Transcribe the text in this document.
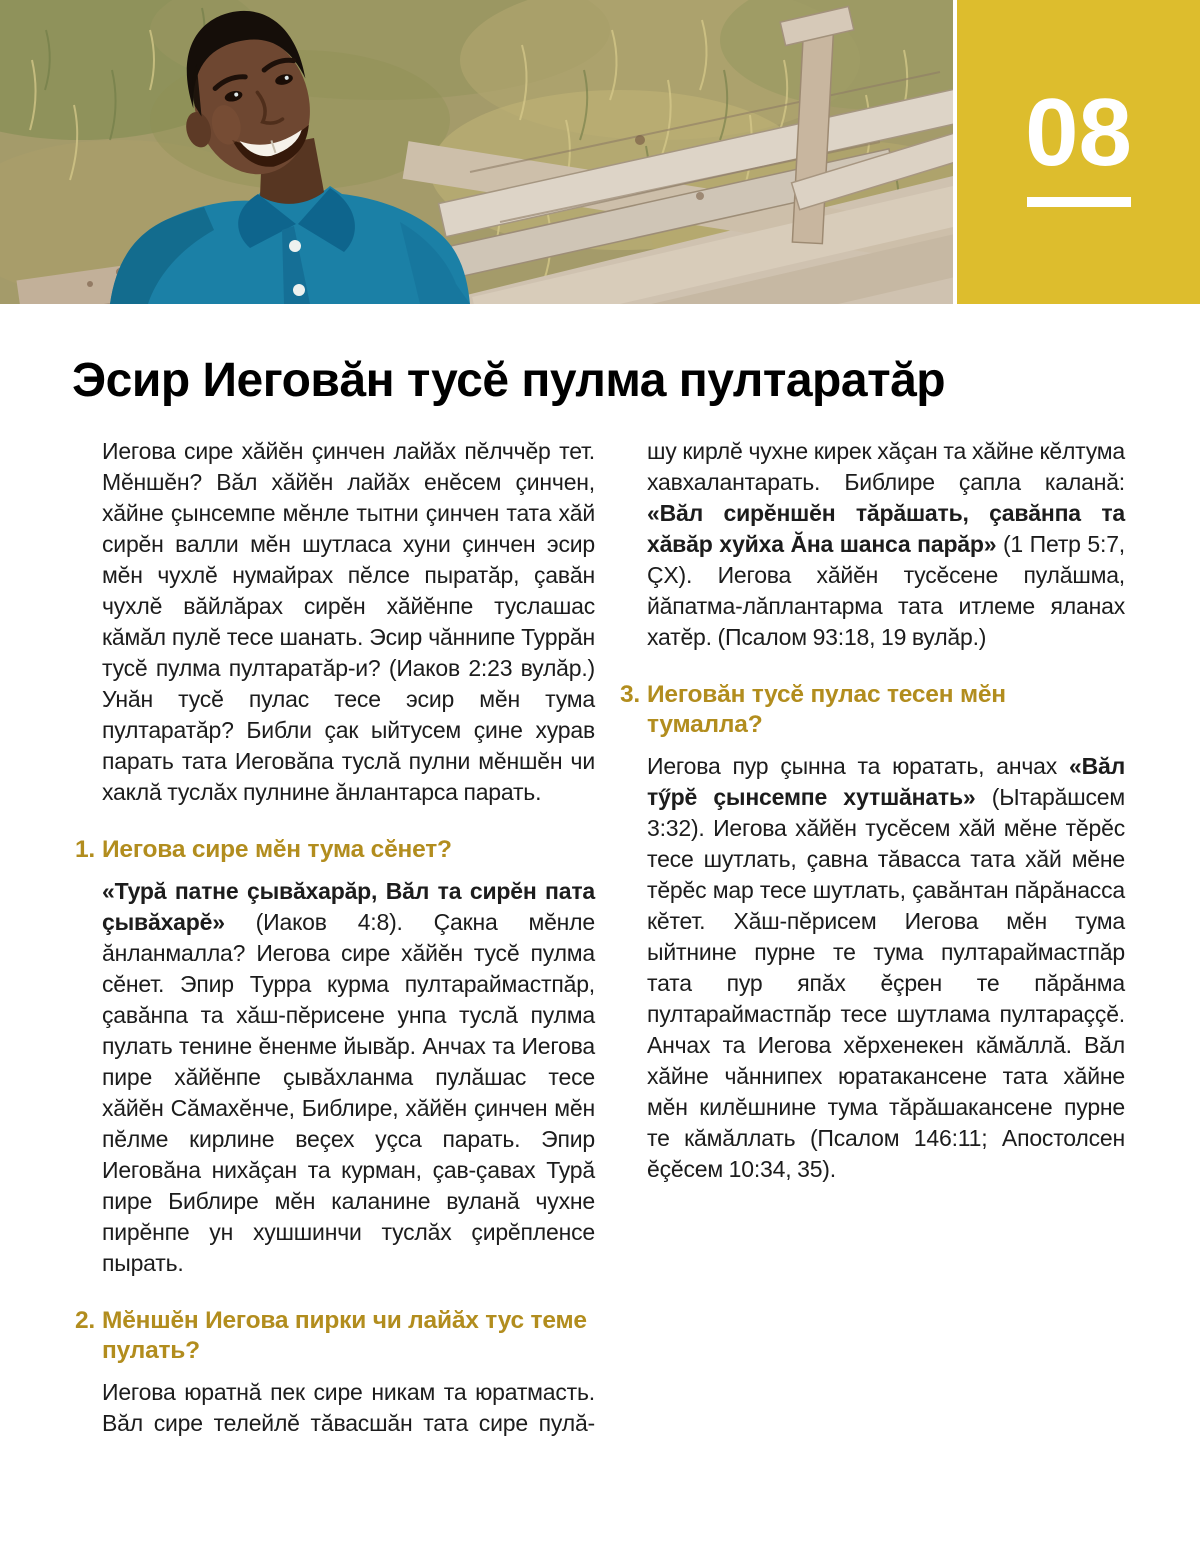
08
Эсир Иеговăн тусĕ пулма пултаратăр

Иегова сире хăйĕн çинчен лайăх пĕлччĕр тет. Мĕншĕн? Вăл хăйĕн лайăх енĕсем çинчен, хăйне çынсемпе мĕнле тытни çинчен тата хăй сирĕн валли мĕн шутласа хуни çинчен эсир мĕн чухлĕ нумайрах пĕлсе пыратăр, çавăн чухлĕ вăйлăрах сирĕн хăйĕнпе туслашас кăмăл пулĕ тесе шанать. Эсир чăннипе Туррăн тусĕ пулма пултаратăр-и? (Иаков 2:23 вулăр.) Унăн тусĕ пулас тесе эсир мĕн тума пултаратăр? Библи çак ыйтусем çине хурав парать тата Иеговăпа туслă пулни мĕншĕн чи хаклă туслăх пулнине ăнлантарса парать.

1. Иегова сире мĕн тума сĕнет?

«Турă патне çывăхарăр, Вăл та сирĕн пата çывăхарĕ» (Иаков 4:8). Çакна мĕнле ăнланмалла? Иегова сире хăйĕн тусĕ пулма сĕнет. Эпир Турра курма пултараймастпăр, çавăнпа та хăш-пĕрисене унпа туслă пулма пулать тенине ĕненме йывăр. Анчах та Иегова пире хăйĕнпе çывăхланма пулăшас тесе хăйĕн Сăмахĕнче, Библире, хăйĕн çинчен мĕн пĕлме кирлине веçех уçса парать. Эпир Иеговăна нихăçан та курман, çав-çавах Турă пире Библире мĕн каланине вуланă чухне пирĕнпе ун хушшинчи туслăх çирĕпленсе пырать.

2. Мĕншĕн Иегова пирки чи лайăх тус теме пулать?

Иегова юратнă пек сире никам та юратмасть. Вăл сире телейлĕ тăвасшăн тата сире пулă-

шу кирлĕ чухне кирек хăçан та хăйне кĕлтума хавхалантарать. Библире çапла каланă: «Вăл сирĕншĕн тăрăшать, çавăнпа та хăвăр хуйха Ăна шанса парăр» (1 Петр 5:7, ÇХ). Иегова хăйĕн тусĕсене пулăшма, йăпатма-лăплантарма тата итлеме яланах хатĕр. (Псалом 93:18, 19 вулăр.)

3. Иеговăн тусĕ пулас тесен мĕн тумалла?

Иегова пур çынна та юратать, анчах «Вăл тӳрĕ çынсемпе хутшăнать» (Ытарăшсем 3:32). Иегова хăйĕн тусĕсем хăй мĕне тĕрĕс тесе шутлать, çавна тăвасса тата хăй мĕне тĕрĕс мар тесе шутлать, çавăнтан пăрăнасса кĕтет. Хăш-пĕрисем Иегова мĕн тума ыйтнине пурне те тума пултараймастпăр тата пур япăх ĕçрен те пăрăнма пултараймастпăр тесе шутлама пултараççĕ. Анчах та Иегова хĕрхенекен кăмăллă. Вăл хăйне чăннипех юратакансене тата хăйне мĕн килĕшнине тума тăрăшакансене пурне те кăмăллать (Псалом 146:11; Апостолсен ĕçĕсем 10:34, 35).
